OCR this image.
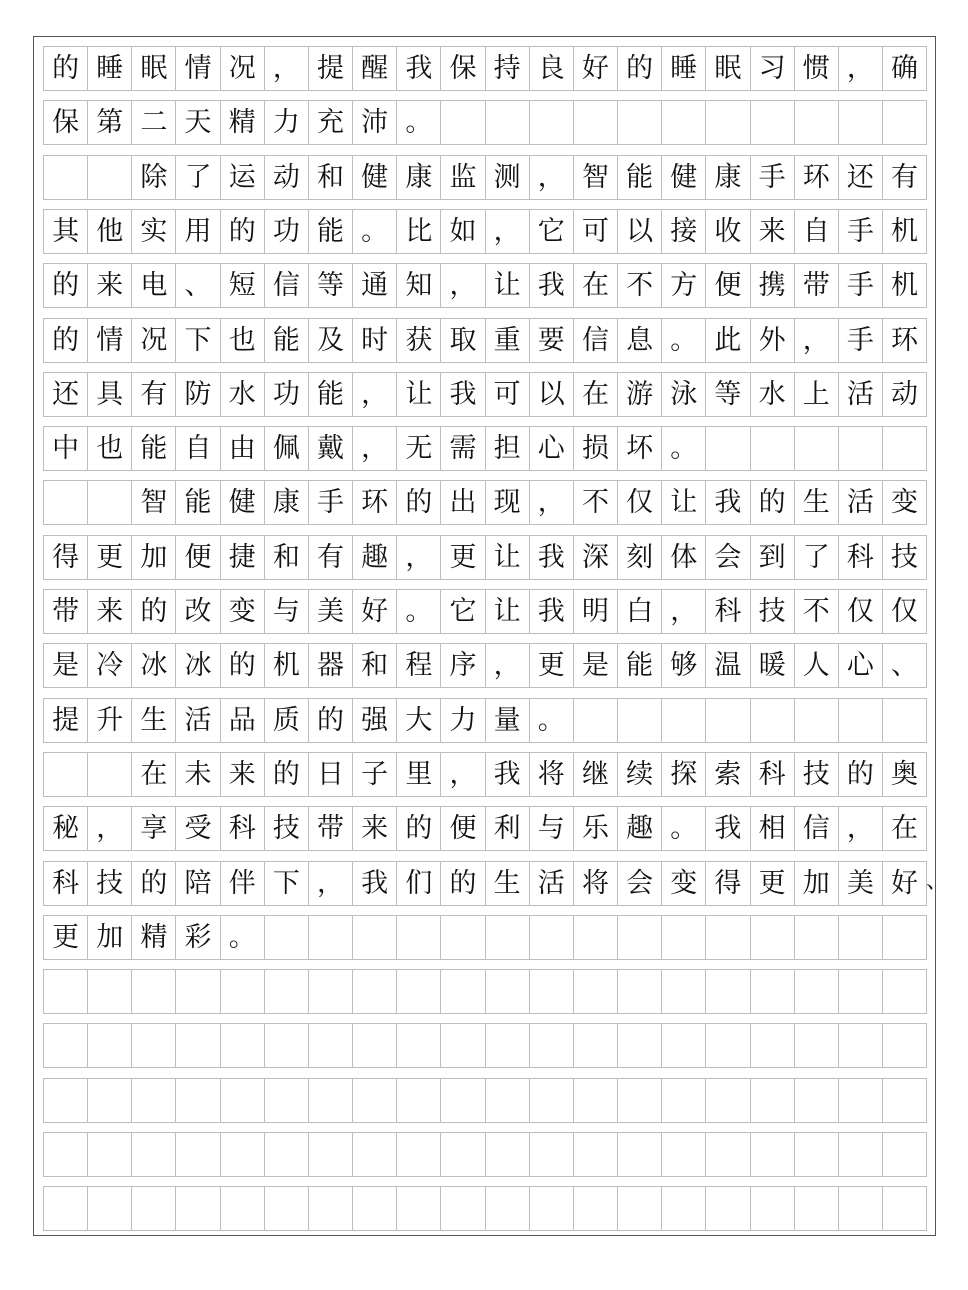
的 睡 眠 情 况 ， 提 醒 我 保 持 良 好 的 睡 眠 习 惯 ， 确
保 第 二 天 精 力 充 沛 。
除 了 运 动 和 健 康 监 测 ， 智 能 健 康 手 环 还 有
其 他 实 用 的 功 能 。 比 如 ， 它 可 以 接 收 来 自 手 机
的 来 电 、 短 信 等 通 知 ， 让 我 在 不 方 便 携 带 手 机
的 情 况 下 也 能 及 时 获 取 重 要 信 息 。 此 外 ， 手 环
还 具 有 防 水 功 能 ， 让 我 可 以 在 游 泳 等 水 上 活 动
中 也 能 自 由 佩 戴 ， 无 需 担 心 损 坏 。
智 能 健 康 手 环 的 出 现 ， 不 仅 让 我 的 生 活 变
得 更 加 便 捷 和 有 趣 ， 更 让 我 深 刻 体 会 到 了 科 技
带 来 的 改 变 与 美 好 。 它 让 我 明 白 ， 科 技 不 仅 仅
是 冷 冰 冰 的 机 器 和 程 序 ， 更 是 能 够 温 暖 人 心 、
提 升 生 活 品 质 的 强 大 力 量 。
在 未 来 的 日 子 里 ， 我 将 继 续 探 索 科 技 的 奥
秘 ， 享 受 科 技 带 来 的 便 利 与 乐 趣 。 我 相 信 ， 在
科 技 的 陪 伴 下 ， 我 们 的 生 活 将 会 变 得 更 加 美 好
更 加 精 彩 。
、
